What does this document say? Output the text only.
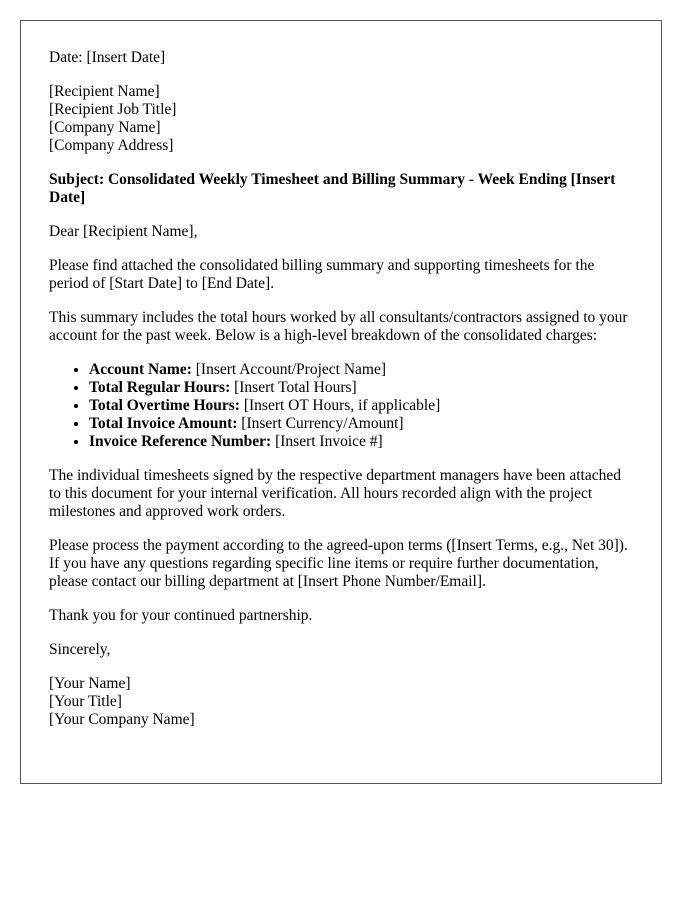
Date: [Insert Date]

[Recipient Name]
[Recipient Job Title]
[Company Name]
[Company Address]

Subject: Consolidated Weekly Timesheet and Billing Summary - Week Ending [Insert Date]

Dear [Recipient Name],

Please find attached the consolidated billing summary and supporting timesheets for the period of [Start Date] to [End Date].

This summary includes the total hours worked by all consultants/contractors assigned to your account for the past week. Below is a high-level breakdown of the consolidated charges:

• Account Name: [Insert Account/Project Name]
• Total Regular Hours: [Insert Total Hours]
• Total Overtime Hours: [Insert OT Hours, if applicable]
• Total Invoice Amount: [Insert Currency/Amount]
• Invoice Reference Number: [Insert Invoice #]

The individual timesheets signed by the respective department managers have been attached to this document for your internal verification. All hours recorded align with the project milestones and approved work orders.

Please process the payment according to the agreed-upon terms ([Insert Terms, e.g., Net 30]). If you have any questions regarding specific line items or require further documentation, please contact our billing department at [Insert Phone Number/Email].

Thank you for your continued partnership.

Sincerely,

[Your Name]
[Your Title]
[Your Company Name]
